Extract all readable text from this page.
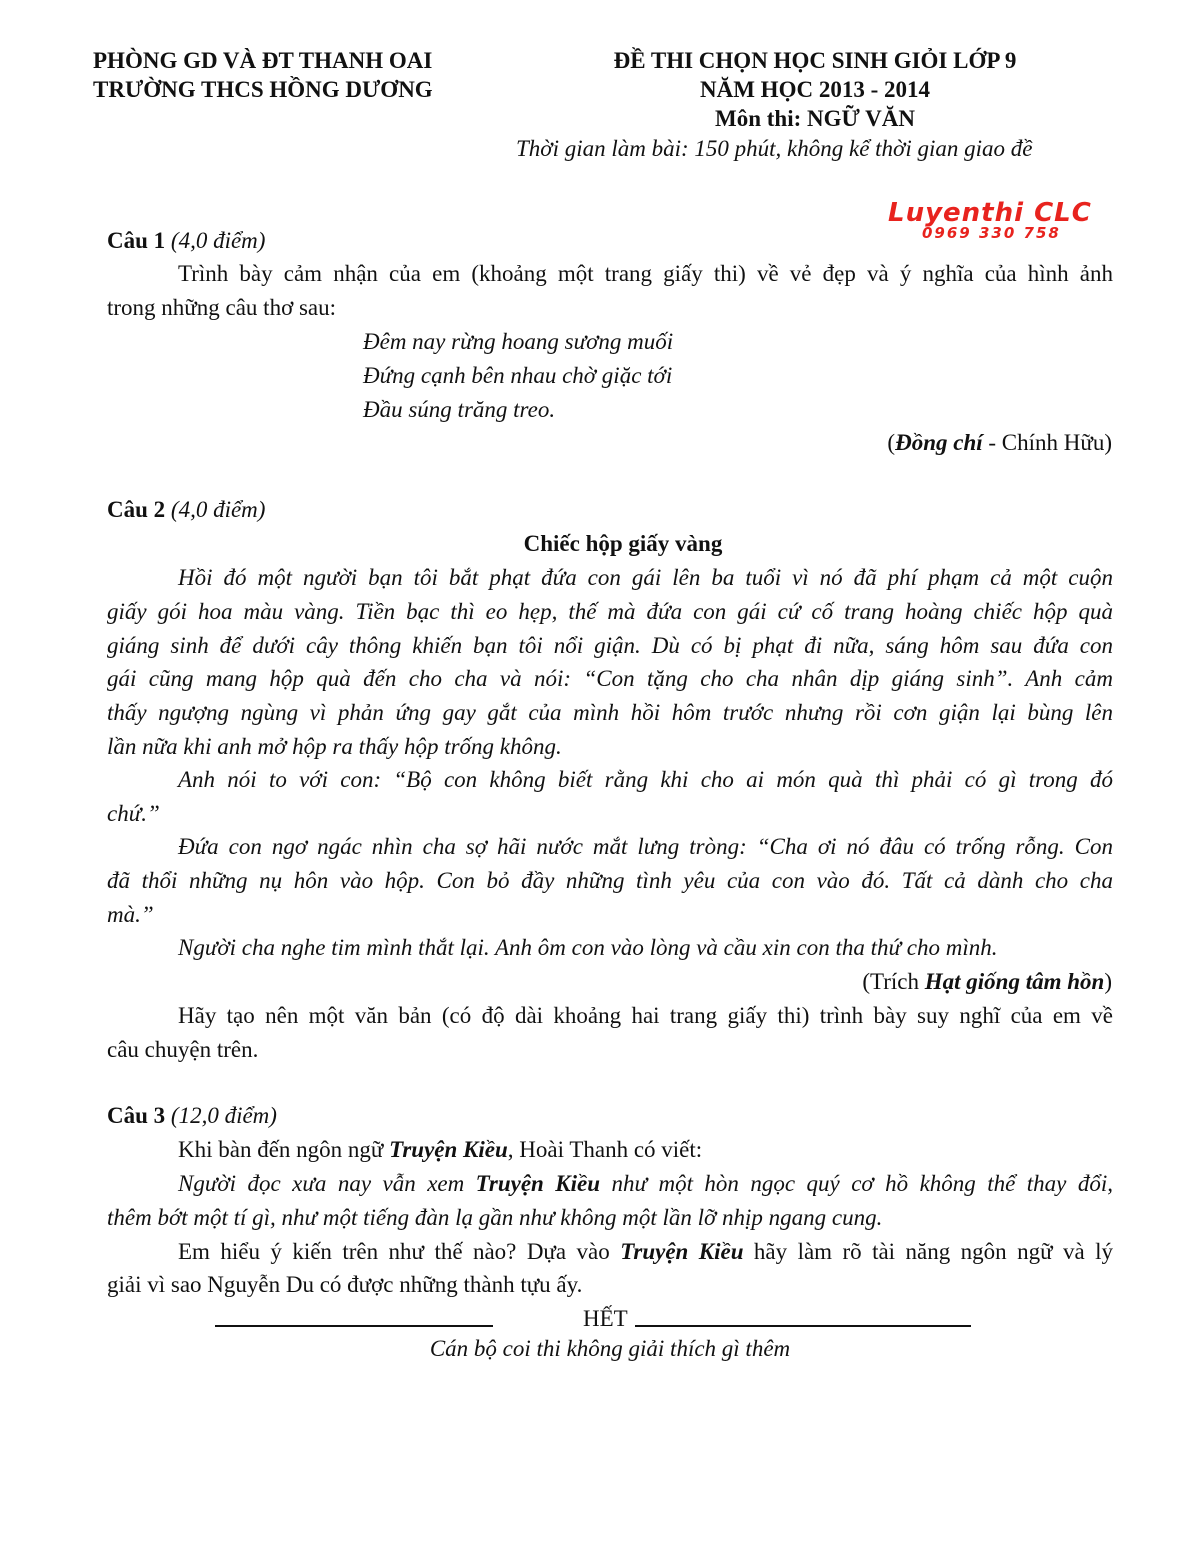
PHÒNG GD VÀ ĐT THANH OAI
TRƯỜNG THCS HỒNG DƯƠNG
ĐỀ THI CHỌN HỌC SINH GIỎI LỚP 9
NĂM HỌC 2013 - 2014
Môn thi: NGỮ VĂN
Thời gian làm bài: 150 phút, không kể thời gian giao đề
Luyenthi CLC
0969 330 758
Câu 1 (4,0 điểm)
Trình bày cảm nhận của em (khoảng một trang giấy thi) về vẻ đẹp và ý nghĩa của hình ảnh
trong những câu thơ sau:
Đêm nay rừng hoang sương muối
Đứng cạnh bên nhau chờ giặc tới
Đầu súng trăng treo.
(Đồng chí - Chính Hữu)
Câu 2 (4,0 điểm)
Chiếc hộp giấy vàng
Hồi đó một người bạn tôi bắt phạt đứa con gái lên ba tuổi vì nó đã phí phạm cả một cuộn
giấy gói hoa màu vàng. Tiền bạc thì eo hẹp, thế mà đứa con gái cứ cố trang hoàng chiếc hộp quà
giáng sinh để dưới cây thông khiến bạn tôi nổi giận. Dù có bị phạt đi nữa, sáng hôm sau đứa con
gái cũng mang hộp quà đến cho cha và nói: “Con tặng cho cha nhân dịp giáng sinh”. Anh cảm
thấy ngượng ngùng vì phản ứng gay gắt của mình hồi hôm trước nhưng rồi cơn giận lại bùng lên
lần nữa khi anh mở hộp ra thấy hộp trống không.
Anh nói to với con: “Bộ con không biết rằng khi cho ai món quà thì phải có gì trong đó
chứ.”
Đứa con ngơ ngác nhìn cha sợ hãi nước mắt lưng tròng: “Cha ơi nó đâu có trống rỗng. Con
đã thổi những nụ hôn vào hộp. Con bỏ đầy những tình yêu của con vào đó. Tất cả dành cho cha
mà.”
Người cha nghe tim mình thắt lại. Anh ôm con vào lòng và cầu xin con tha thứ cho mình.
(Trích Hạt giống tâm hồn)
Hãy tạo nên một văn bản (có độ dài khoảng hai trang giấy thi) trình bày suy nghĩ của em về
câu chuyện trên.
Câu 3 (12,0 điểm)
Khi bàn đến ngôn ngữ Truyện Kiều, Hoài Thanh có viết:
Người đọc xưa nay vẫn xem Truyện Kiều như một hòn ngọc quý cơ hồ không thể thay đổi,
thêm bớt một tí gì, như một tiếng đàn lạ gần như không một lần lỡ nhịp ngang cung.
Em hiểu ý kiến trên như thế nào? Dựa vào Truyện Kiều hãy làm rõ tài năng ngôn ngữ và lý
giải vì sao Nguyễn Du có được những thành tựu ấy.
HẾT
Cán bộ coi thi không giải thích gì thêm
